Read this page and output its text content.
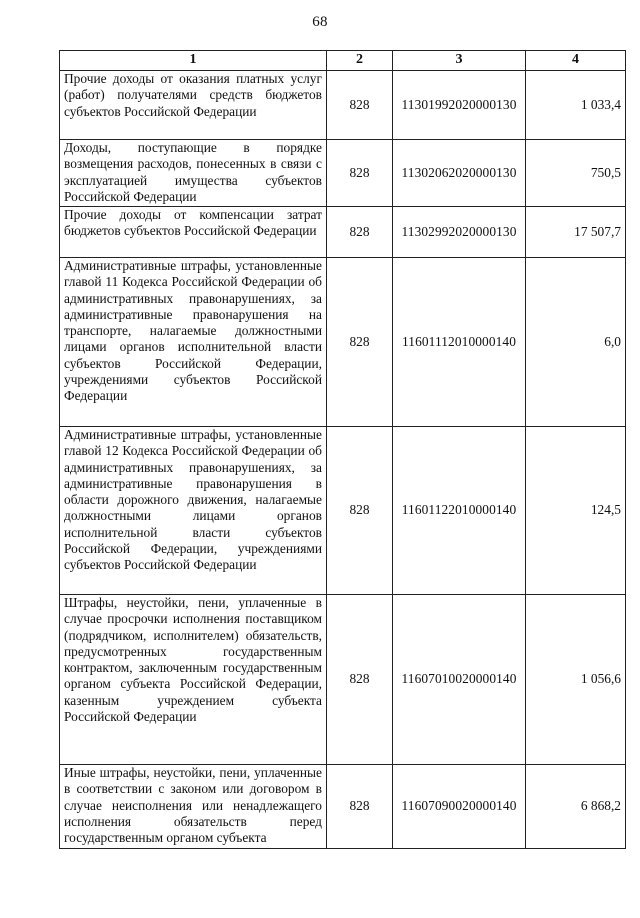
68
1	2	3	4
Прочие доходы от оказания платных услуг (работ) получателями средств бюджетов субъектов Российской Федерации	828	11301992020000130	1 033,4
Доходы, поступающие в порядке возмещения расходов, понесенных в связи с эксплуатацией имущества субъектов Российской Федерации	828	11302062020000130	750,5
Прочие доходы от компенсации затрат бюджетов субъектов Российской Федерации	828	11302992020000130	17 507,7
Административные штрафы, установленные главой 11 Кодекса Российской Федерации об административных правонарушениях, за административные правонарушения на транспорте, налагаемые должностными лицами органов исполнительной власти субъектов Российской Федерации, учреждениями субъектов Российской Федерации	828	11601112010000140	6,0
Административные штрафы, установленные главой 12 Кодекса Российской Федерации об административных правонарушениях, за административные правонарушения в области дорожного движения, налагаемые должностными лицами органов исполнительной власти субъектов Российской Федерации, учреждениями субъектов Российской Федерации	828	11601122010000140	124,5
Штрафы, неустойки, пени, уплаченные в случае просрочки исполнения поставщиком (подрядчиком, исполнителем) обязательств, предусмотренных государственным контрактом, заключенным государственным органом субъекта Российской Федерации, казенным учреждением субъекта Российской Федерации	828	11607010020000140	1 056,6
Иные штрафы, неустойки, пени, уплаченные в соответствии с законом или договором в случае неисполнения или ненадлежащего исполнения обязательств перед государственным органом субъекта	828	11607090020000140	6 868,2
